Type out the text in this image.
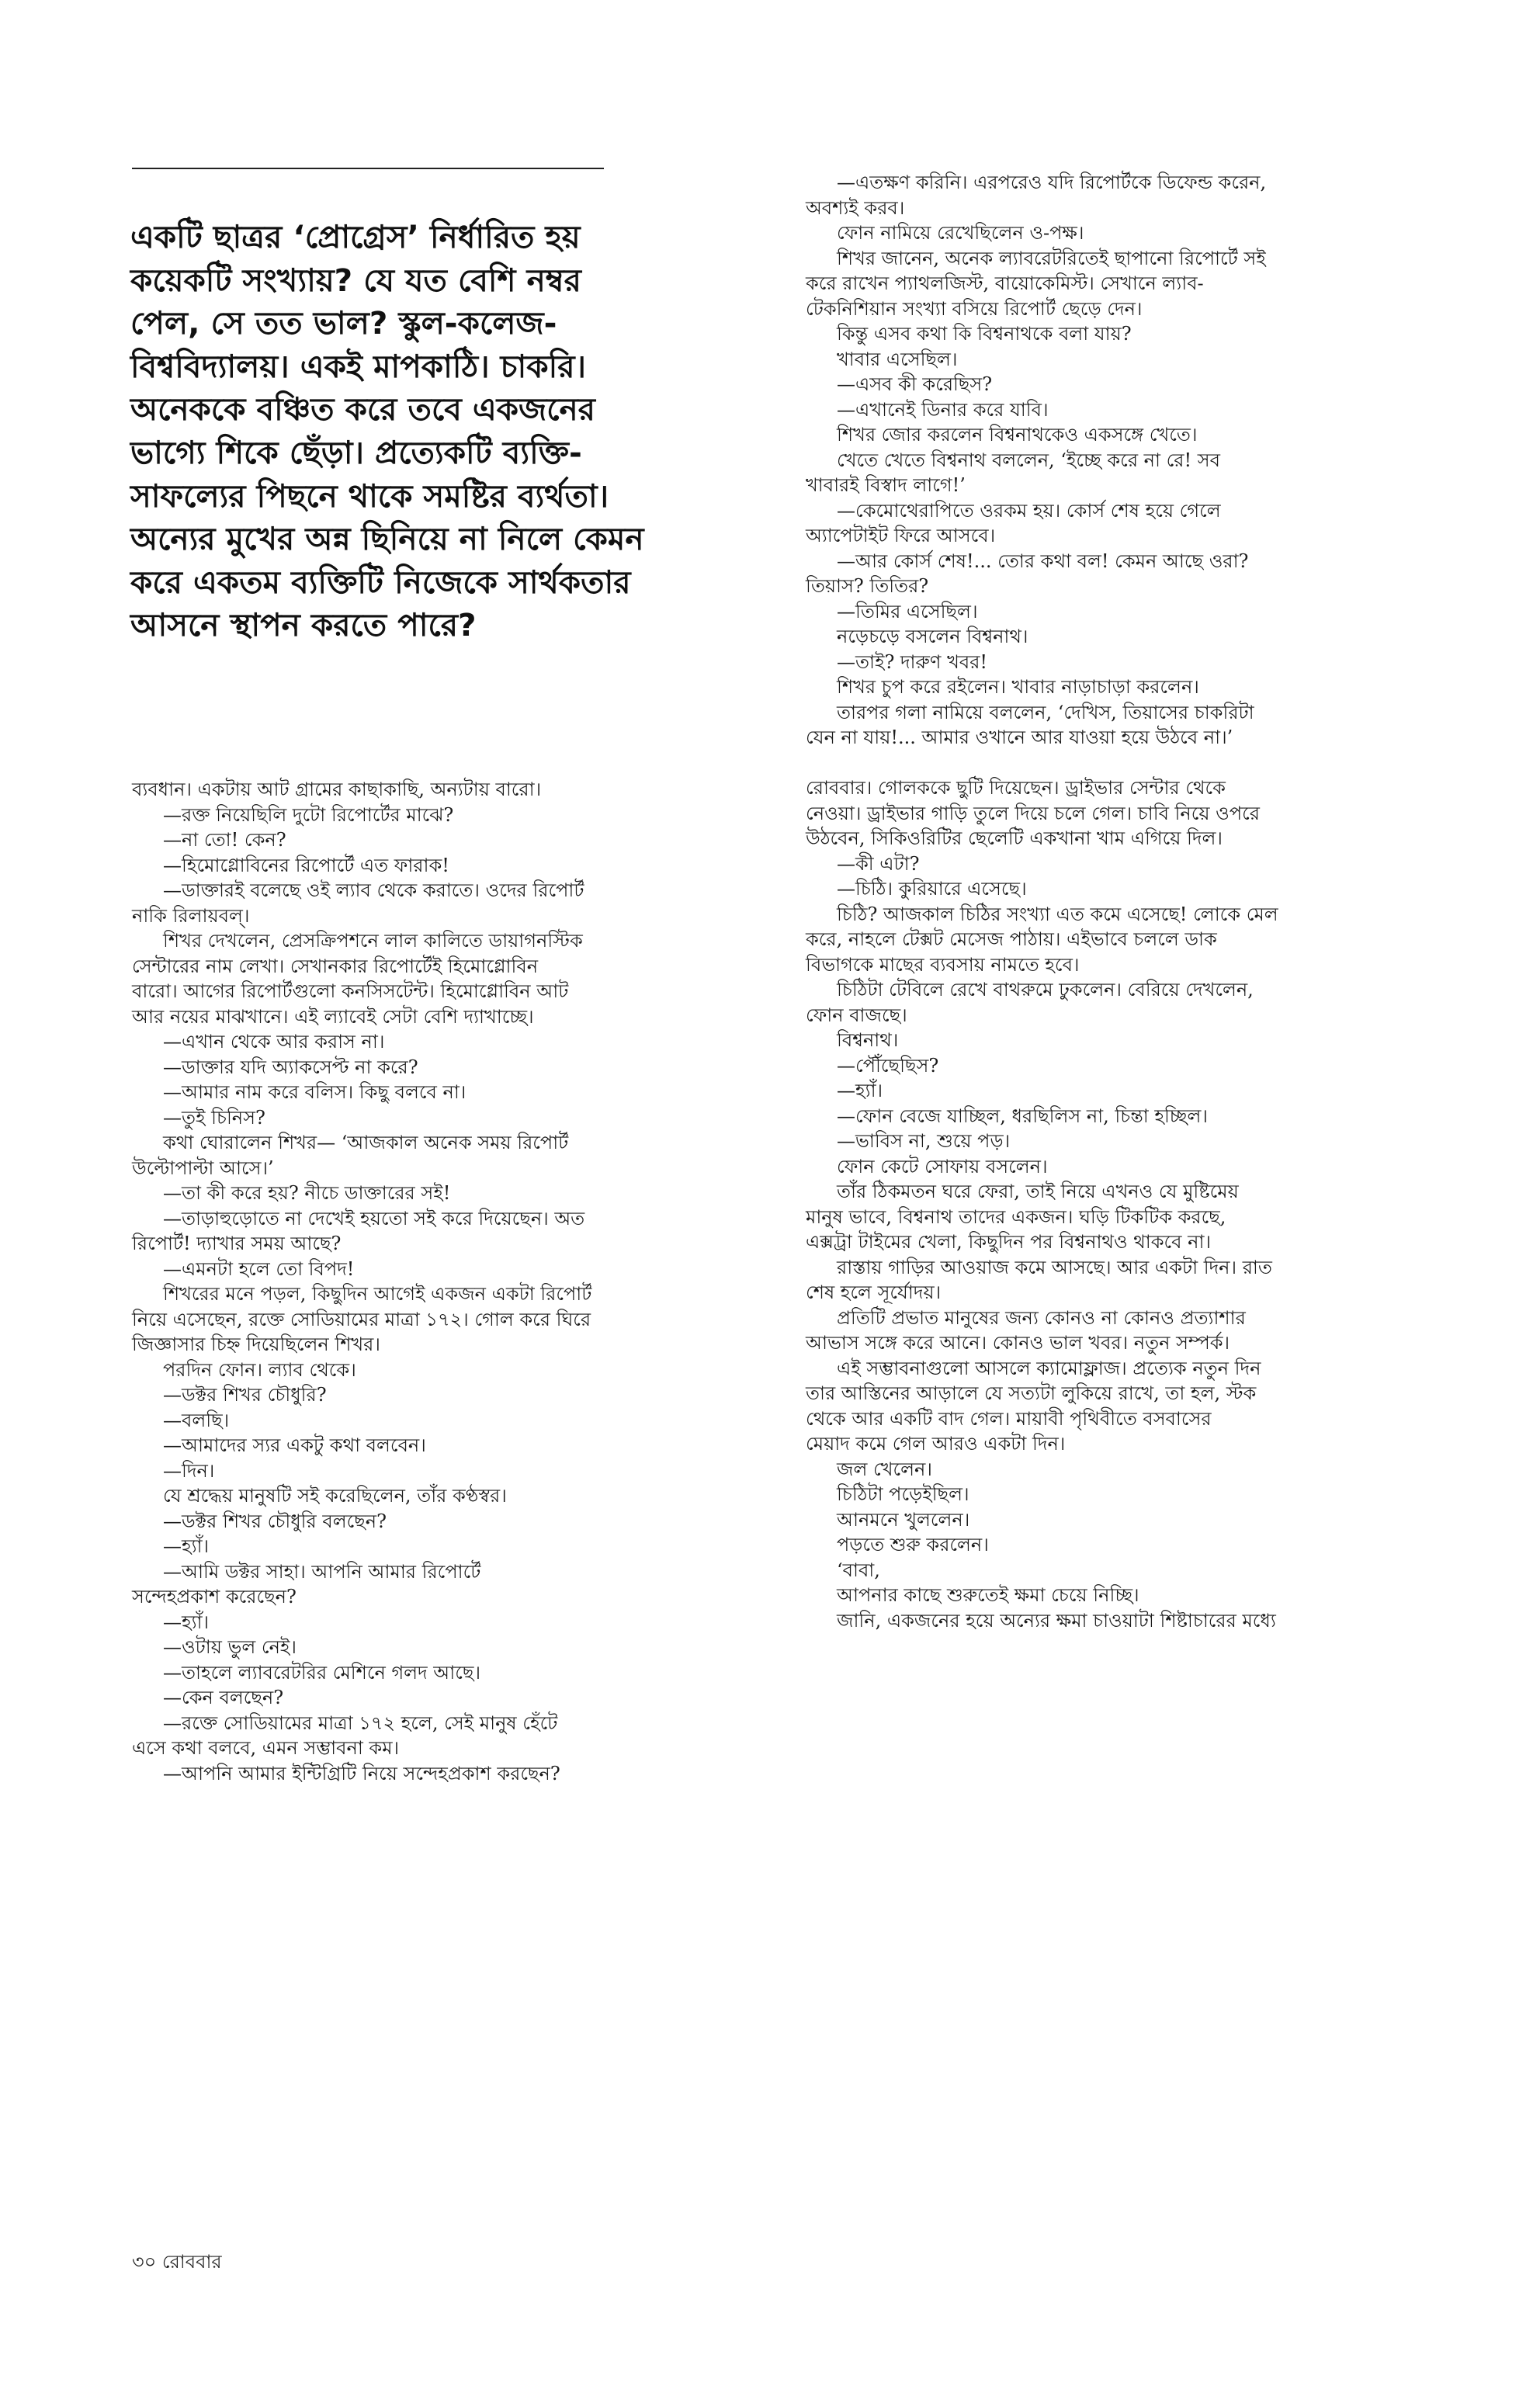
একটি ছাত্রর ‘প্রোগ্রেস’ নির্ধারিত হয়

কয়েকটি সংখ্যায়? যে যত বেশি নম্বর

পেল, সে তত ভাল? স্কুল-কলেজ-

বিশ্ববিদ্যালয়। একই মাপকাঠি। চাকরি।

অনেককে বঞ্চিত করে তবে একজনের

ভাগ্যে শিকে ছেঁড়া। প্রত্যেকটি ব্যক্তি-

সাফল্যের পিছনে থাকে সমষ্টির ব্যর্থতা।

অন্যের মুখের অন্ন ছিনিয়ে না নিলে কেমন

করে একতম ব্যক্তিটি নিজেকে সার্থকতার

আসনে স্থাপন করতে পারে?

ব্যবধান। একটায় আট গ্রামের কাছাকাছি, অন্যটায় বারো।
—রক্ত নিয়েছিলি দুটো রিপোর্টের মাঝে?
—না তো! কেন?
—হিমোগ্লোবিনের রিপোর্টে এত ফারাক!
—ডাক্তারই বলেছে ওই ল্যাব থেকে করাতে। ওদের রিপোর্ট
নাকি রিলায়বল্‌।
শিখর দেখলেন, প্রেসক্রিপশনে লাল কালিতে ডায়াগনস্টিক
সেন্টারের নাম লেখা। সেখানকার রিপোর্টেই হিমোগ্লোবিন
বারো। আগের রিপোর্টগুলো কনসিসটেন্ট। হিমোগ্লোবিন আট
আর নয়ের মাঝখানে। এই ল্যাবেই সেটা বেশি দ্যাখাচ্ছে।
—এখান থেকে আর করাস না।
—ডাক্তার যদি অ্যাকসেপ্ট না করে?
—আমার নাম করে বলিস। কিছু বলবে না।
—তুই চিনিস?
কথা ঘোরালেন শিখর— ‘আজকাল অনেক সময় রিপোর্ট
উল্টোপাল্টা আসে।’
—তা কী করে হয়? নীচে ডাক্তারের সই!
—তাড়াহুড়োতে না দেখেই হয়তো সই করে দিয়েছেন। অত
রিপোর্ট! দ্যাখার সময় আছে?
—এমনটা হলে তো বিপদ!
শিখরের মনে পড়ল, কিছুদিন আগেই একজন একটা রিপোর্ট
নিয়ে এসেছেন, রক্তে সোডিয়ামের মাত্রা ১৭২। গোল করে ঘিরে
জিজ্ঞাসার চিহ্ন দিয়েছিলেন শিখর।
পরদিন ফোন। ল্যাব থেকে।
—ডক্টর শিখর চৌধুরি?
—বলছি।
—আমাদের স্যর একটু কথা বলবেন।
—দিন।
যে শ্রদ্ধেয় মানুষটি সই করেছিলেন, তাঁর কণ্ঠস্বর।
—ডক্টর শিখর চৌধুরি বলছেন?
—হ্যাঁ।
—আমি ডক্টর সাহা। আপনি আমার রিপোর্টে
সন্দেহপ্রকাশ করেছেন?
—হ্যাঁ।
—ওটায় ভুল নেই।
—তাহলে ল্যাবরেটরির মেশিনে গলদ আছে।
—কেন বলছেন?
—রক্তে সোডিয়ামের মাত্রা ১৭২ হলে, সেই মানুষ হেঁটে
এসে কথা বলবে, এমন সম্ভাবনা কম।
—আপনি আমার ইন্টিগ্রিটি নিয়ে সন্দেহপ্রকাশ করছেন?
—এতক্ষণ করিনি। এরপরেও যদি রিপোর্টকে ডিফেন্ড করেন,
অবশ্যই করব।
ফোন নামিয়ে রেখেছিলেন ও-পক্ষ।
শিখর জানেন, অনেক ল্যাবরেটরিতেই ছাপানো রিপোর্টে সই
করে রাখেন প্যাথলজিস্ট, বায়োকেমিস্ট। সেখানে ল্যাব-
টেকনিশিয়ান সংখ্যা বসিয়ে রিপোর্ট ছেড়ে দেন।
কিন্তু এসব কথা কি বিশ্বনাথকে বলা যায়?
খাবার এসেছিল।
—এসব কী করেছিস?
—এখানেই ডিনার করে যাবি।
শিখর জোর করলেন বিশ্বনাথকেও একসঙ্গে খেতে।
খেতে খেতে বিশ্বনাথ বললেন, ‘ইচ্ছে করে না রে! সব
খাবারই বিস্বাদ লাগে!’
—কেমোথেরাপিতে ওরকম হয়। কোর্স শেষ হয়ে গেলে
অ্যাপেটাইট ফিরে আসবে।
—আর কোর্স শেষ!... তোর কথা বল! কেমন আছে ওরা?
তিয়াস? তিতির?
—তিমির এসেছিল।
নড়েচড়ে বসলেন বিশ্বনাথ।
—তাই? দারুণ খবর!
শিখর চুপ করে রইলেন। খাবার নাড়াচাড়া করলেন।
তারপর গলা নামিয়ে বললেন, ‘দেখিস, তিয়াসের চাকরিটা
যেন না যায়!... আমার ওখানে আর যাওয়া হয়ে উঠবে না।’
রোববার। গোলককে ছুটি দিয়েছেন। ড্রাইভার সেন্টার থেকে
নেওয়া। ড্রাইভার গাড়ি তুলে দিয়ে চলে গেল। চাবি নিয়ে ওপরে
উঠবেন, সিকিওরিটির ছেলেটি একখানা খাম এগিয়ে দিল।
—কী এটা?
—চিঠি। কুরিয়ারে এসেছে।
চিঠি? আজকাল চিঠির সংখ্যা এত কমে এসেছে! লোকে মেল
করে, নাহলে টেক্সট মেসেজ পাঠায়। এইভাবে চললে ডাক
বিভাগকে মাছের ব্যবসায় নামতে হবে।
চিঠিটা টেবিলে রেখে বাথরুমে ঢুকলেন। বেরিয়ে দেখলেন,
ফোন বাজছে।
বিশ্বনাথ।
—পৌঁছেছিস?
—হ্যাঁ।
—ফোন বেজে যাচ্ছিল, ধরছিলিস না, চিন্তা হচ্ছিল।
—ভাবিস না, শুয়ে পড়।
ফোন কেটে সোফায় বসলেন।
তাঁর ঠিকমতন ঘরে ফেরা, তাই নিয়ে এখনও যে মুষ্টিমেয়
মানুষ ভাবে, বিশ্বনাথ তাদের একজন। ঘড়ি টিকটিক করছে,
এক্সট্রা টাইমের খেলা, কিছুদিন পর বিশ্বনাথও থাকবে না।
রাস্তায় গাড়ির আওয়াজ কমে আসছে। আর একটা দিন। রাত
শেষ হলে সূর্যোদয়।
প্রতিটি প্রভাত মানুষের জন্য কোনও না কোনও প্রত্যাশার
আভাস সঙ্গে করে আনে। কোনও ভাল খবর। নতুন সম্পর্ক।
এই সম্ভাবনাগুলো আসলে ক্যামোফ্লাজ। প্রত্যেক নতুন দিন
তার আস্তিনের আড়ালে যে সত্যটা লুকিয়ে রাখে, তা হল, স্টক
থেকে আর একটি বাদ গেল। মায়াবী পৃথিবীতে বসবাসের
মেয়াদ কমে গেল আরও একটা দিন।
জল খেলেন।
চিঠিটা পড়েইছিল।
আনমনে খুললেন।
পড়তে শুরু করলেন।
‘বাবা,
আপনার কাছে শুরুতেই ক্ষমা চেয়ে নিচ্ছি।
জানি, একজনের হয়ে অন্যের ক্ষমা চাওয়াটা শিষ্টাচারের মধ্যে
৩০ রোববার
